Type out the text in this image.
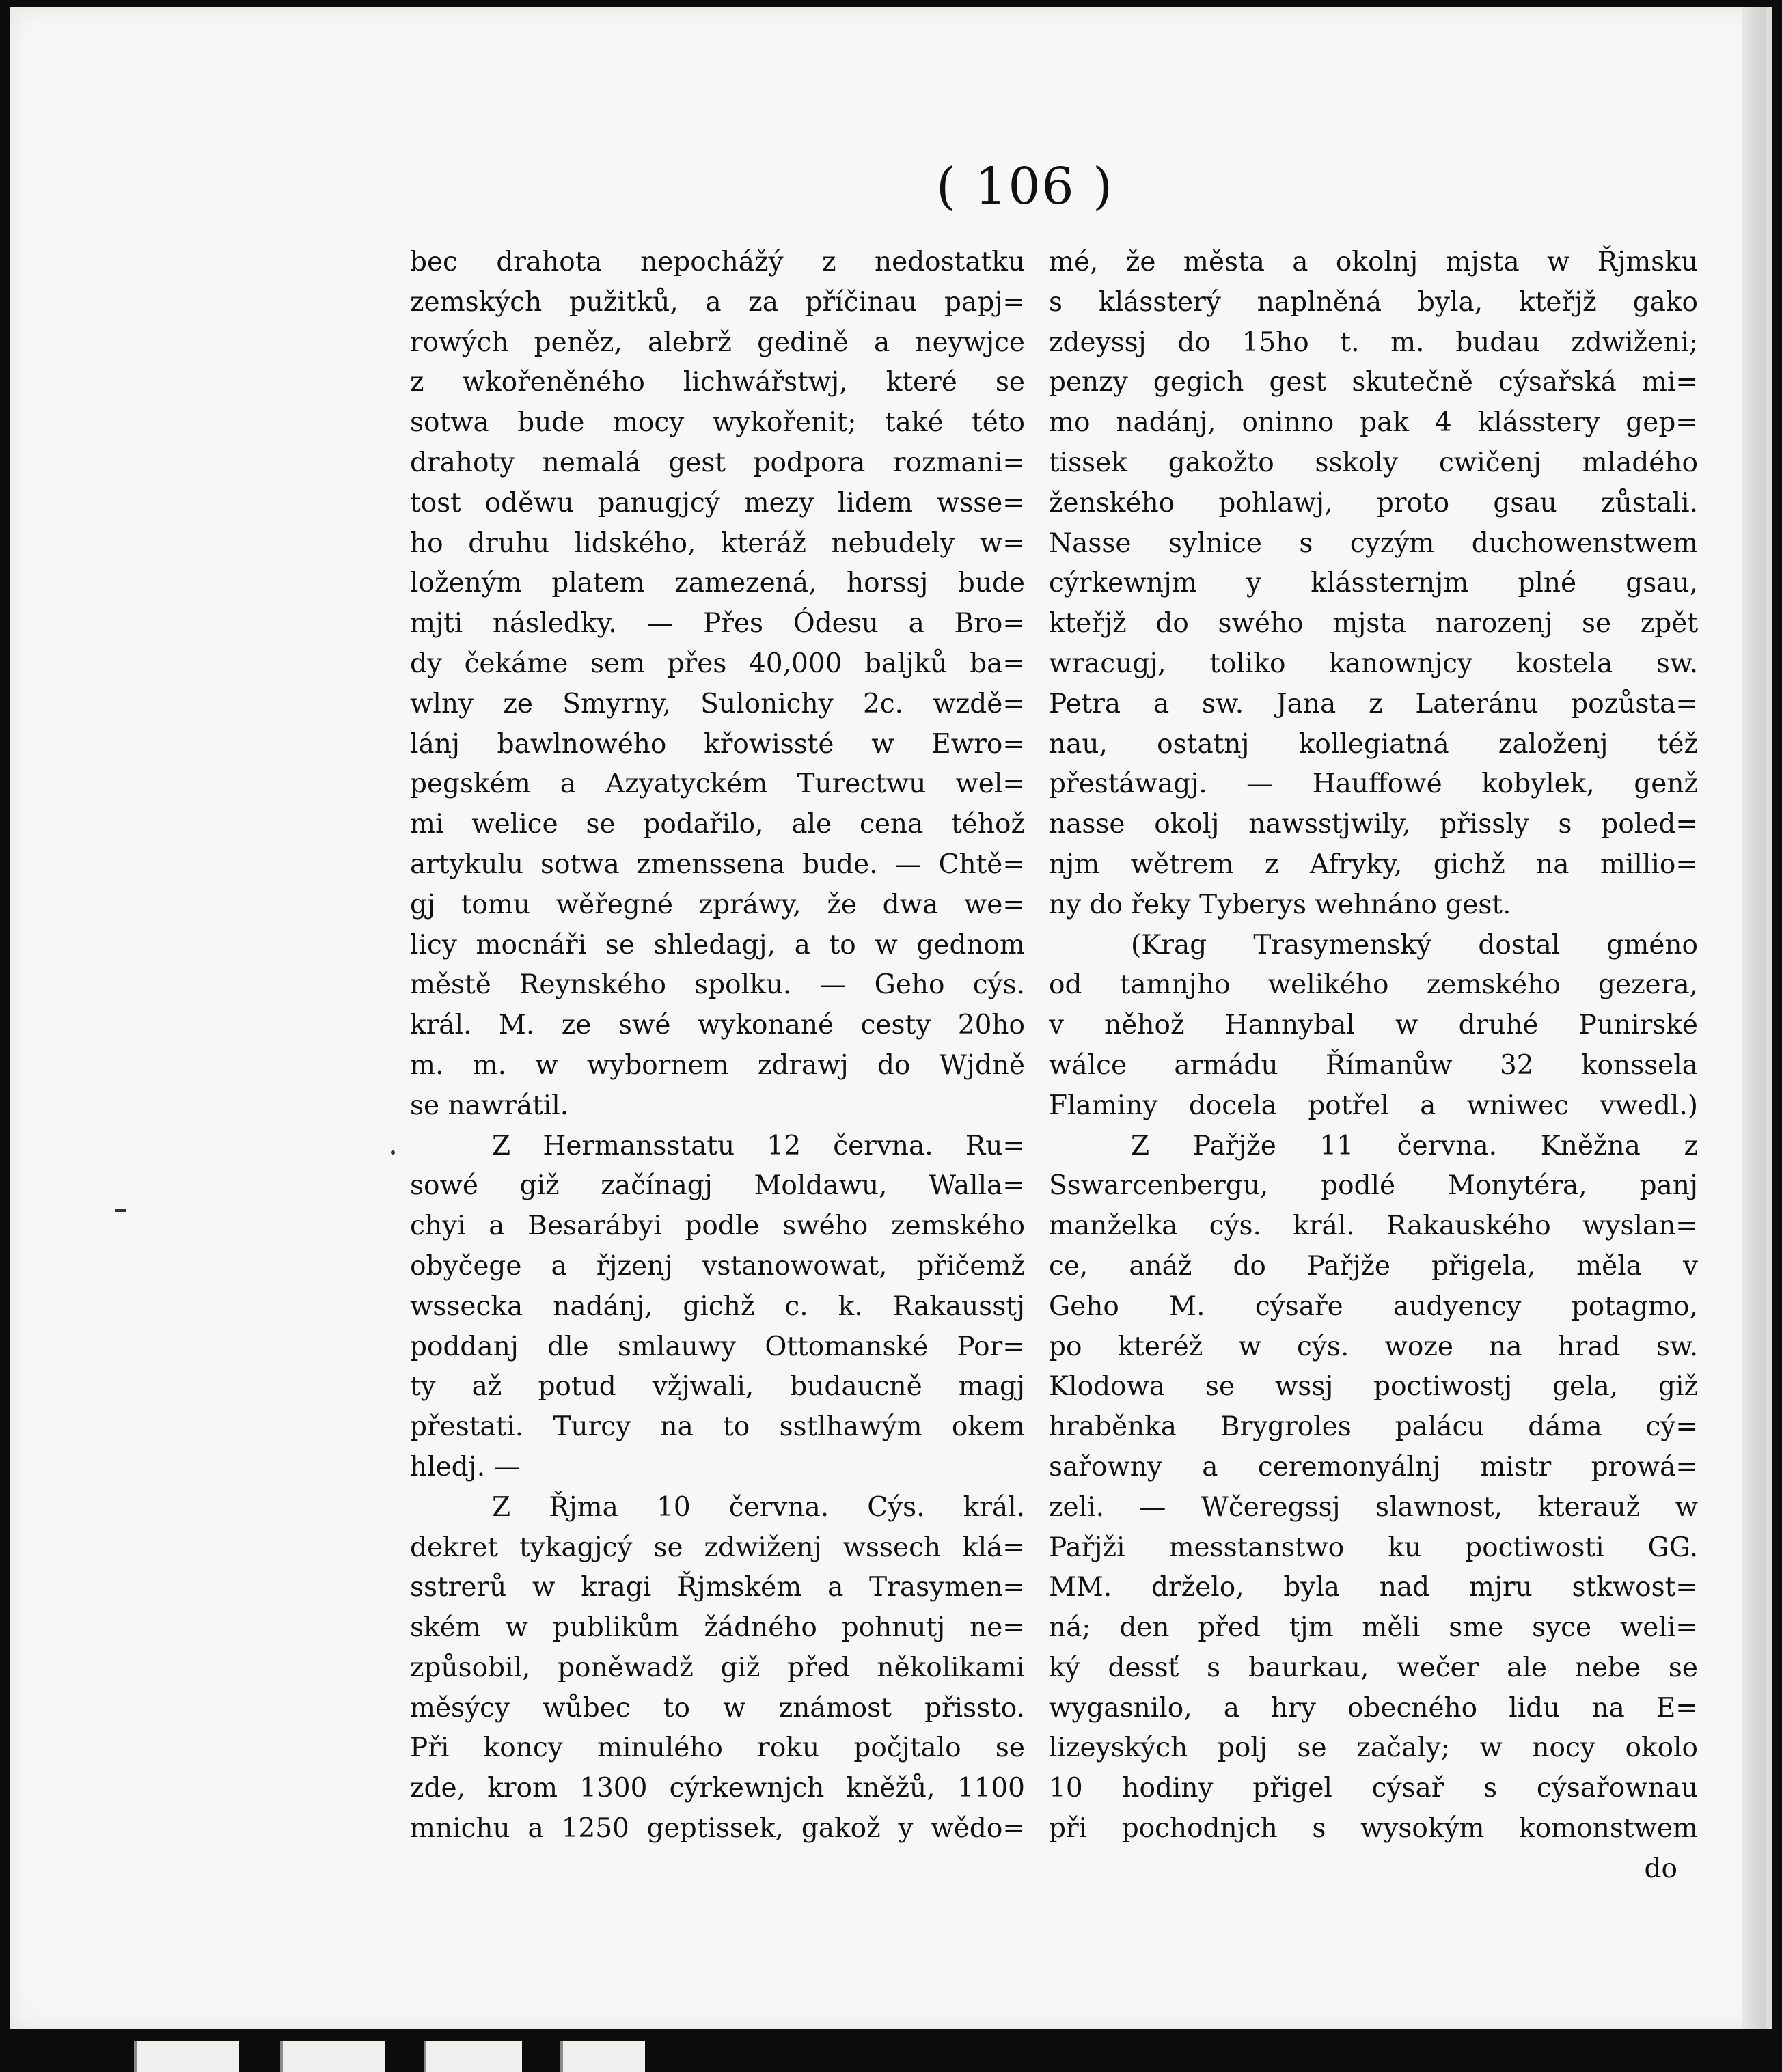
( 106 )
bec drahota nepochážý z nedostatku
zemských pužitků, a za příčinau papj=
rowých peněz, alebrž gedině a neywjce
z wkořeněného lichwářstwj, které se
sotwa bude mocy wykořenit; také této
drahoty nemalá gest podpora rozmani=
tost oděwu panugjcý mezy lidem wsse=
ho druhu lidského, kteráž nebudely w=
loženým platem zamezená, horssj bude
mjti následky. — Přes Ódesu a Bro=
dy čekáme sem přes 40,000 baljků ba=
wlny ze Smyrny, Sulonichy 2c. wzdě=
lánj bawlnowého křowissté w Ewro=
pegském a Azyatyckém Turectwu wel=
mi welice se podařilo, ale cena téhož
artykulu sotwa zmenssena bude. — Chtě=
gj tomu wěřegné zpráwy, že dwa we=
licy mocnáři se shledagj, a to w gednom
městě Reynského spolku. — Geho cýs.
král. M. ze swé wykonané cesty 20ho
m. m. w wybornem zdrawj do Wjdně
se nawrátil.
Z Hermansstatu 12 června. Ru=
sowé giž začínagj Moldawu, Walla=
chyi a Besarábyi podle swého zemského
obyčege a řjzenj vstanowowat, přičemž
wssecka nadánj, gichž c. k. Rakausstj
poddanj dle smlauwy Ottomanské Por=
ty až potud vžjwali, budaucně magj
přestati. Turcy na to sstlhawým okem
hledj. —
Z Řjma 10 června. Cýs. král.
dekret tykagjcý se zdwiženj wssech klá=
sstrerů w kragi Řjmském a Trasymen=
ském w publikům žádného pohnutj ne=
způsobil, poněwadž giž před několikami
měsýcy wůbec to w známost přissto.
Při koncy minulého roku počjtalo se
zde, krom 1300 cýrkewnjch kněžů, 1100
mnichu a 1250 geptissek, gakož y wědo=
mé, že města a okolnj mjsta w Řjmsku
s klássterý naplněná byla, kteřjž gako
zdeyssj do 15ho t. m. budau zdwiženi;
penzy gegich gest skutečně cýsařská mi=
mo nadánj, oninno pak 4 klásstery gep=
tissek gakožto sskoly cwičenj mladého
ženského pohlawj, proto gsau zůstali.
Nasse sylnice s cyzým duchowenstwem
cýrkewnjm y klássternjm plné gsau,
kteřjž do swého mjsta narozenj se zpět
wracugj, toliko kanownjcy kostela sw.
Petra a sw. Jana z Lateránu pozůsta=
nau, ostatnj kollegiatná založenj též
přestáwagj. — Hauffowé kobylek, genž
nasse okolj nawsstjwily, přissly s poled=
njm wětrem z Afryky, gichž na millio=
ny do řeky Tyberys wehnáno gest.
(Krag Trasymenský dostal gméno
od tamnjho welikého zemského gezera,
v něhož Hannybal w druhé Punirské
wálce armádu Římanůw 32 konssela
Flaminy docela potřel a wniwec vwedl.)
Z Pařjže 11 června. Kněžna z
Sswarcenbergu, podlé Monytéra, panj
manželka cýs. král. Rakauského wyslan=
ce, anáž do Pařjže přigela, měla v
Geho M. cýsaře audyency potagmo,
po kteréž w cýs. woze na hrad sw.
Klodowa se wssj poctiwostj gela, giž
hraběnka Brygroles palácu dáma cý=
sařowny a ceremonyálnj mistr prowá=
zeli. — Wčeregssj slawnost, kterauž w
Pařjži messtanstwo ku poctiwosti GG.
MM. drželo, byla nad mjru stkwost=
ná; den před tjm měli sme syce weli=
ký dessť s baurkau, wečer ale nebe se
wygasnilo, a hry obecného lidu na E=
lizeyských polj se začaly; w nocy okolo
10 hodiny přigel cýsař s cýsařownau
při pochodnjch s wysokým komonstwem
do
